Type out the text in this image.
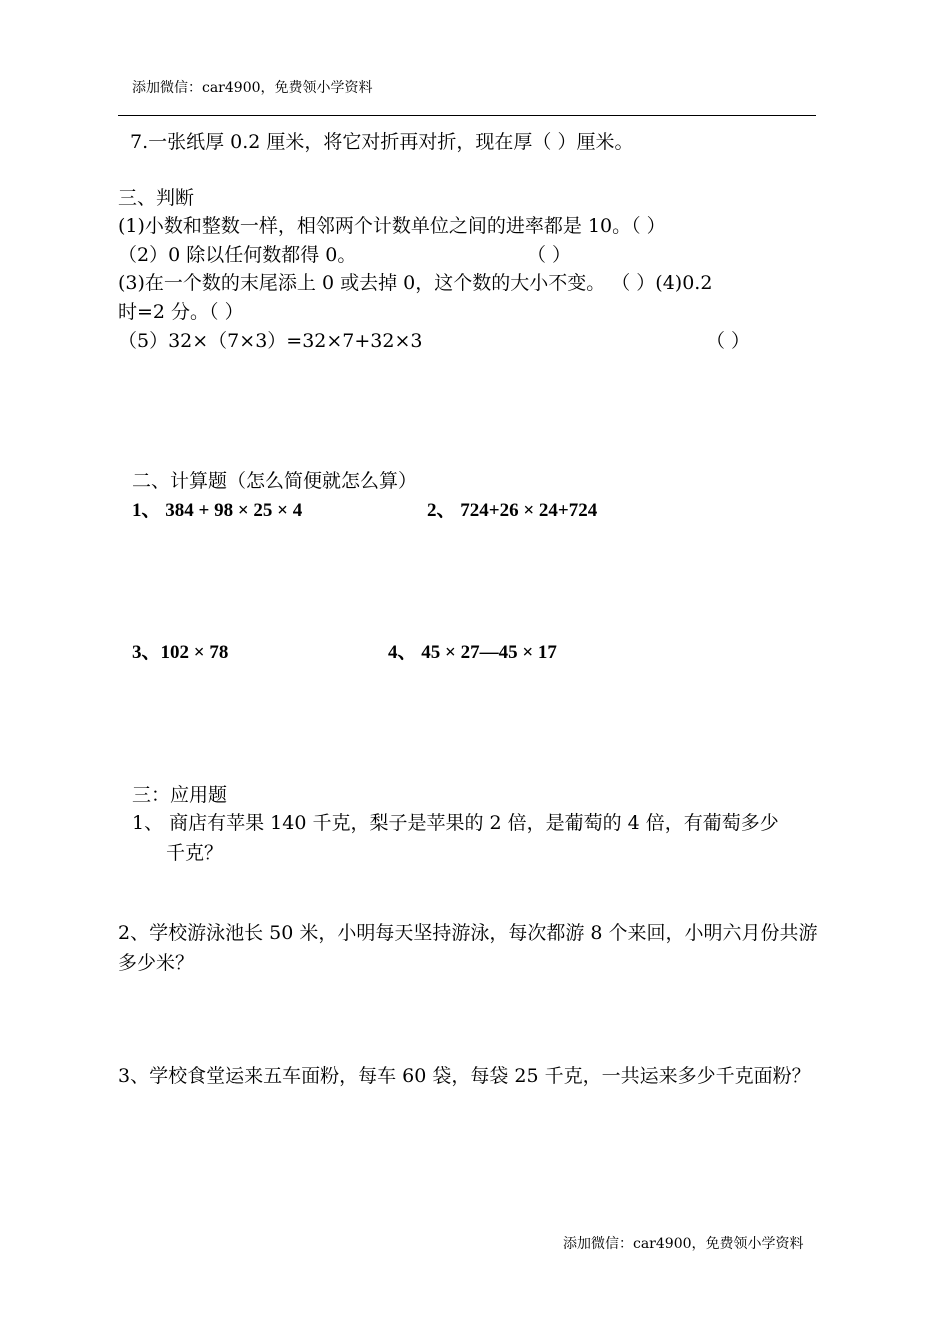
添加微信：car4900，免费领小学资料
7.一张纸厚 0.2 厘米，将它对折再对折，现在厚（ ）厘米。
三、判断
(1)小数和整数一样，相邻两个计数单位之间的进率都是 10。（ ）
（2）0 除以任何数都得 0。	（ ）
(3)在一个数的末尾添上 0 或去掉 0，这个数的大小不变。 （ ）(4)0.2
时=2 分。（ ）
（5）32×（7×3）=32×7+32×3	（ ）
二、计算题（怎么简便就怎么算）
1、 384 + 98 × 25 × 4	2、 724+26 × 24+724
3、102 × 78	4、 45 × 27—45 × 17
三：应用题
1、 商店有苹果 140 千克，梨子是苹果的 2 倍，是葡萄的 4 倍，有葡萄多少
千克？
2、学校游泳池长 50 米，小明每天坚持游泳，每次都游 8 个来回，小明六月份共游多少米？
3、学校食堂运来五车面粉，每车 60 袋，每袋 25 千克，一共运来多少千克面粉？
添加微信：car4900，免费领小学资料
